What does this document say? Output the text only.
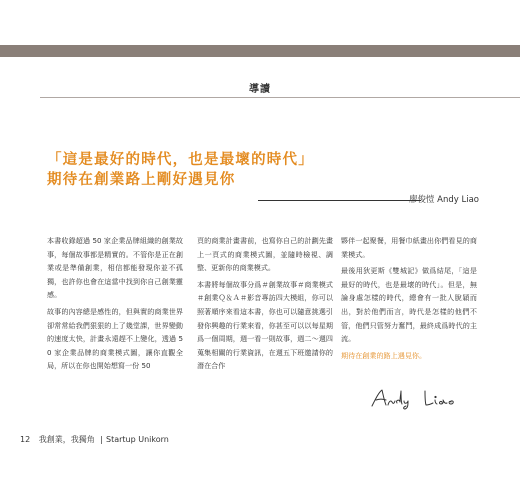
導讀
「這是最好的時代，也是最壞的時代」
期待在創業路上剛好遇見你
廖俊愷 Andy Liao

本書收錄超過 50 家企業品牌組織的創業故事，每個故事都是精實的。不管你是正在創業或是準備創業，相信都能發現你並不孤獨，也許你也會在這當中找到你自己創業靈感。

故事的內容總是感性的，但與實的商業世界卻常常給我們狠狠的上了幾堂課，世界變動的速度太快，計畫永遠趕不上變化，透過 50 家企業品牌的商業模式圖，讓你直觀全局，所以在你也開始想寫一份 50

頁的商業計畫書前，也寫你自己的計劃先畫上一頁式的商業模式圖，並隨時檢視、調整、更新你的商業模式。

本書將每個故事分爲＃創業故事＃商業模式＃創業Ｑ＆Ａ＃影音專訪四大模組，你可以照著順序來看這本書，你也可以隨意挑選引發你興趣的行業來看，你甚至可以以每星期爲一個周期，週一看一則故事，週二～週四蒐集相關的行業資訊，在週五下班邀請你的潛在合作

夥伴一起聚餐，用餐巾紙畫出你們看見的商業模式。

最後用狄更斯《雙城記》做爲結尾，「這是最好的時代，也是最壞的時代」。但是，無論身處怎樣的時代，總會有一批人脫穎而出，對於他們而言，時代是怎樣的他們不管，他們只管努力奮鬥，最終成爲時代的主流。

期待在創業的路上遇見你。

12 我創業，我獨角 | Startup Unikorn
